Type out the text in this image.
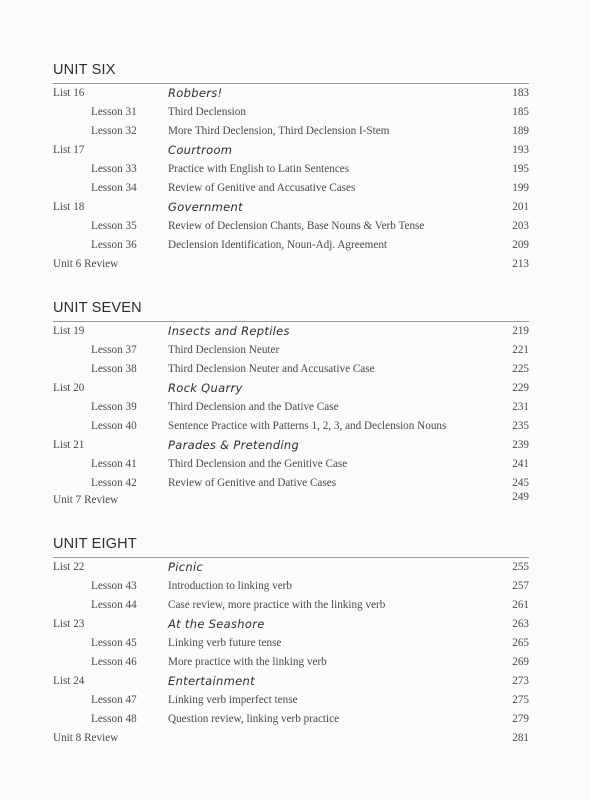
UNIT SIX
List 16	Robbers!	183
Lesson 31	Third Declension	185
Lesson 32	More Third Declension, Third Declension I-Stem	189
List 17	Courtroom	193
Lesson 33	Practice with English to Latin Sentences	195
Lesson 34	Review of Genitive and Accusative Cases	199
List 18	Government	201
Lesson 35	Review of Declension Chants, Base Nouns & Verb Tense	203
Lesson 36	Declension Identification, Noun-Adj. Agreement	209
Unit 6 Review	213
UNIT SEVEN
List 19	Insects and Reptiles	219
Lesson 37	Third Declension Neuter	221
Lesson 38	Third Declension Neuter and Accusative Case	225
List 20	Rock Quarry	229
Lesson 39	Third Declension and the Dative Case	231
Lesson 40	Sentence Practice with Patterns 1, 2, 3, and Declension Nouns	235
List 21	Parades & Pretending	239
Lesson 41	Third Declension and the Genitive Case	241
Lesson 42	Review of Genitive and Dative Cases	245
Unit 7 Review	249
UNIT EIGHT
List 22	Picnic	255
Lesson 43	Introduction to linking verb	257
Lesson 44	Case review, more practice with the linking verb	261
List 23	At the Seashore	263
Lesson 45	Linking verb future tense	265
Lesson 46	More practice with the linking verb	269
List 24	Entertainment	273
Lesson 47	Linking verb imperfect tense	275
Lesson 48	Question review, linking verb practice	279
Unit 8 Review	281
